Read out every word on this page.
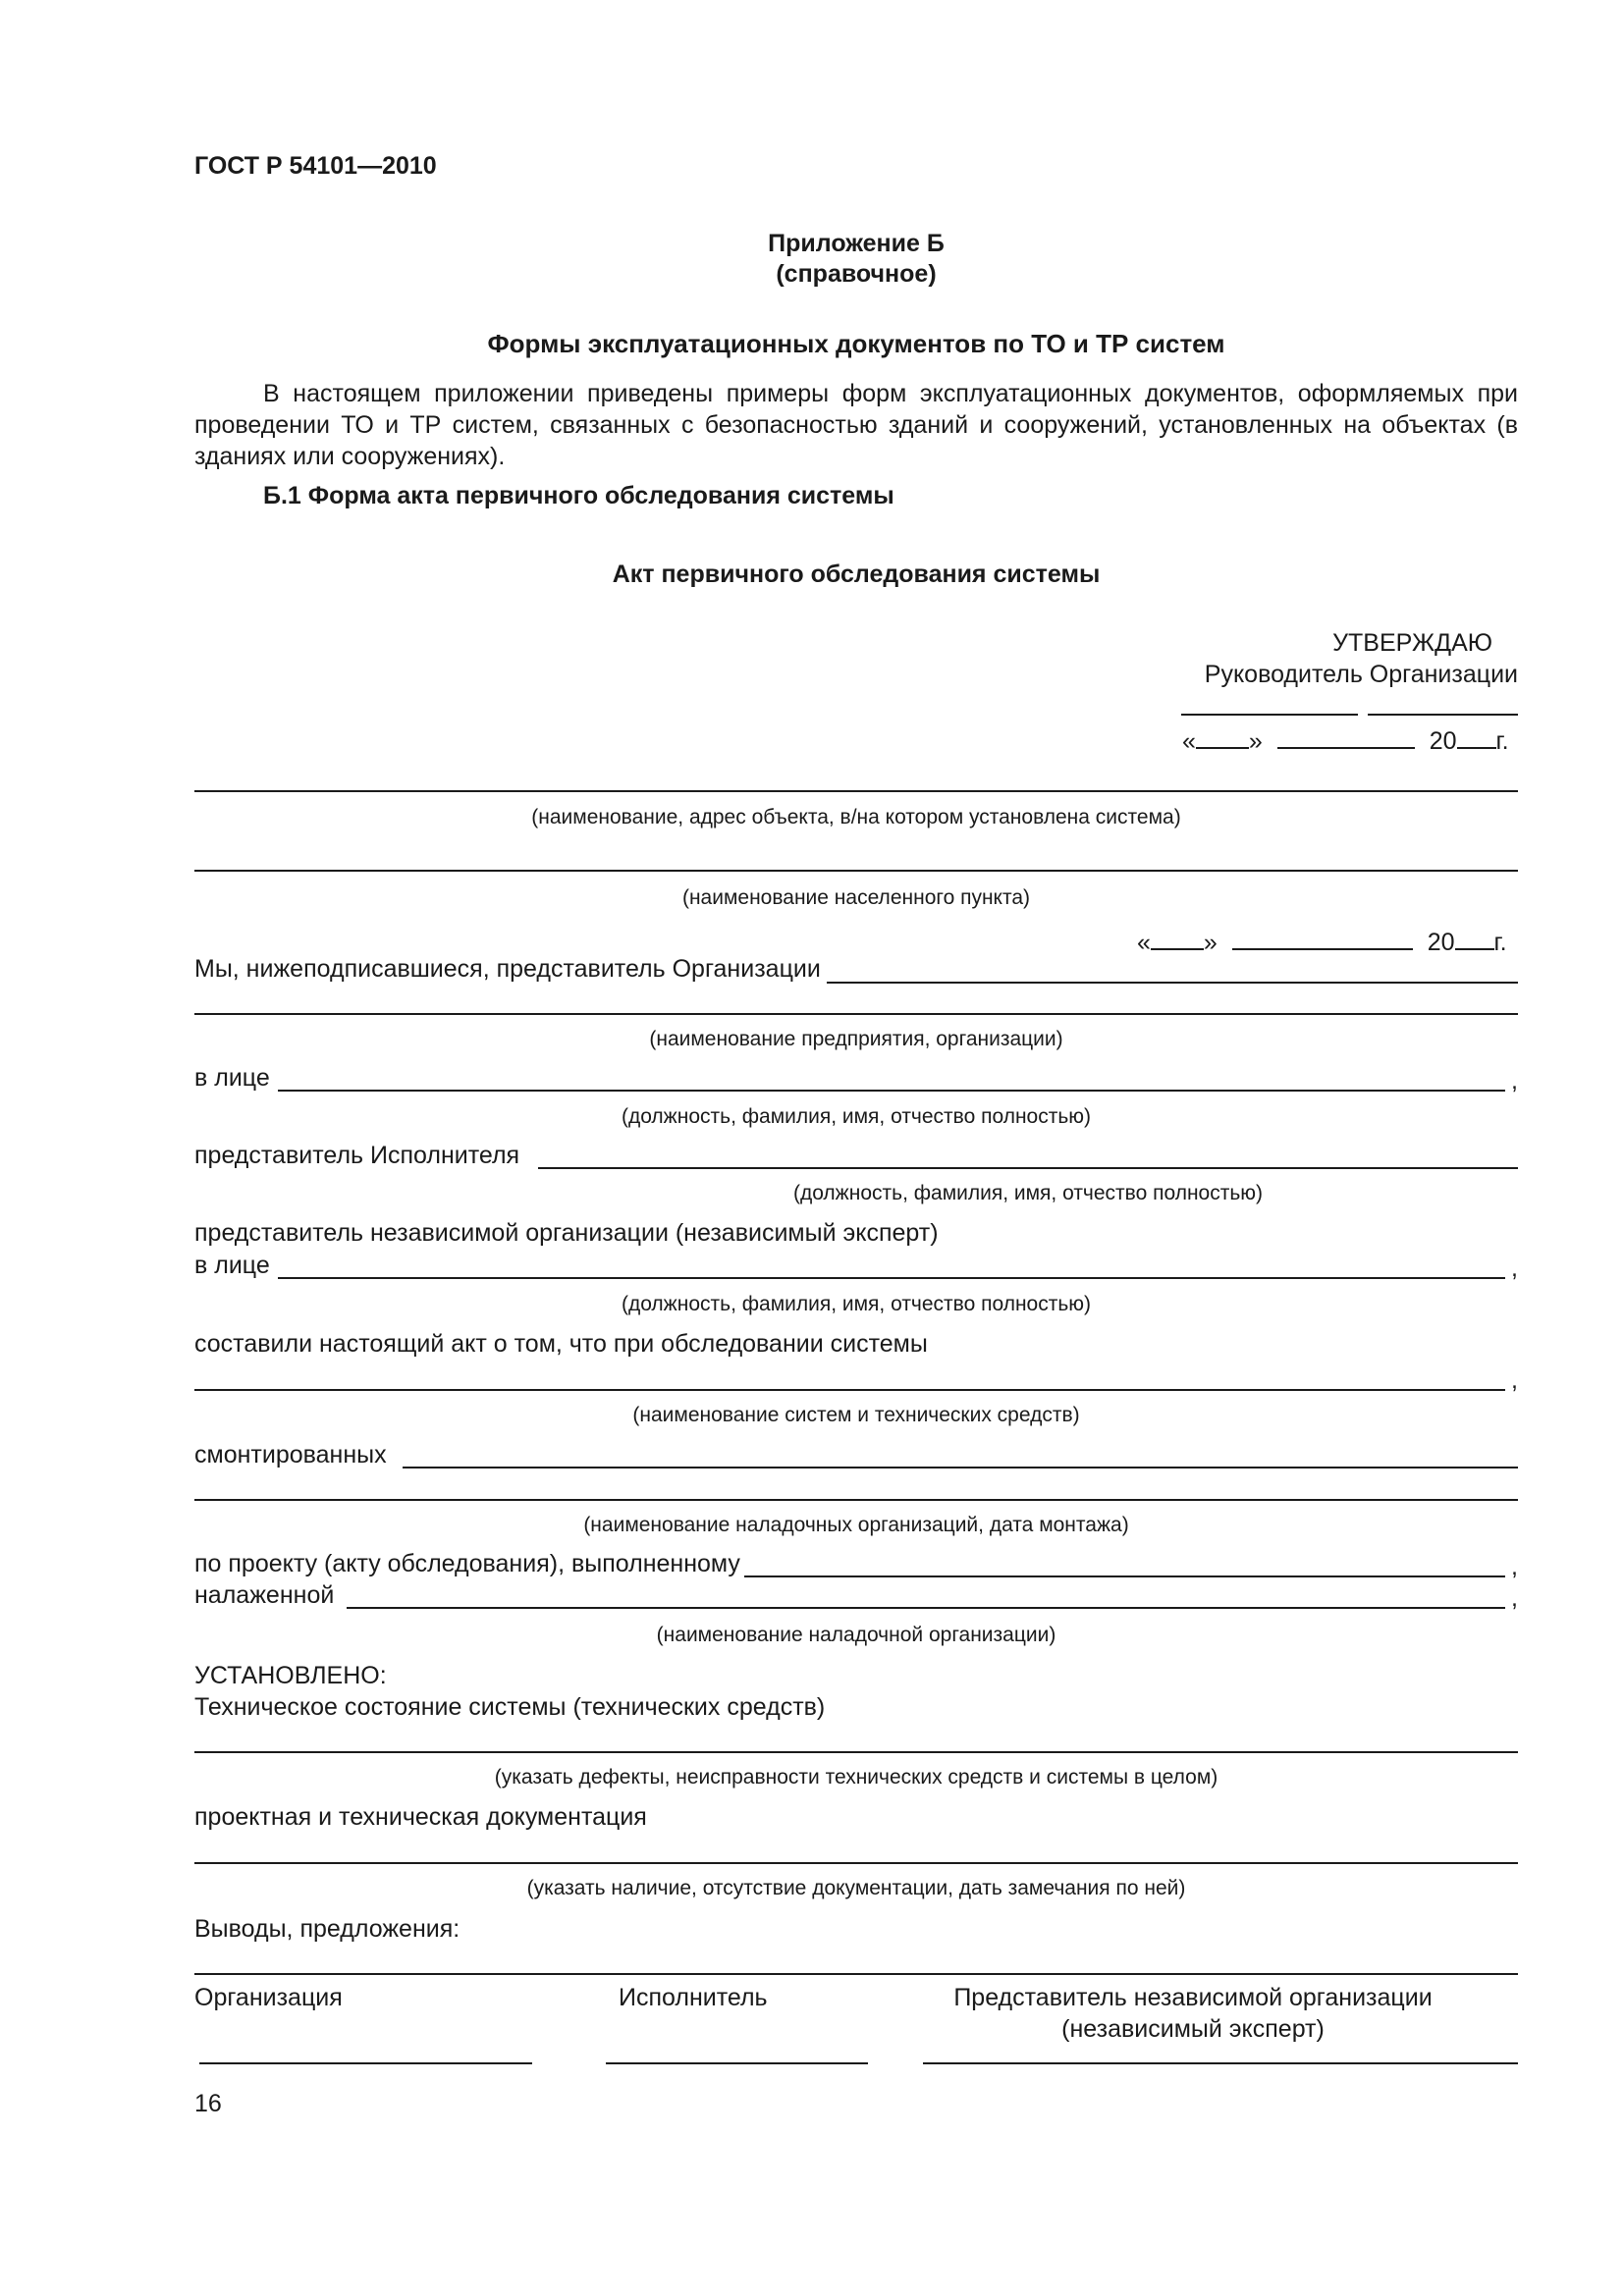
ГОСТ Р 54101—2010
Приложение Б
(справочное)
Формы эксплуатационных документов по ТО и ТР систем
В настоящем приложении приведены примеры форм эксплуатационных документов, оформляемых при проведении ТО и ТР систем, связанных с безопасностью зданий и сооружений, установленных на объектах (в зданиях или сооружениях).
Б.1 Форма акта первичного обследования системы
Акт первичного обследования системы
УТВЕРЖДАЮ
Руководитель Организации
« »	20 г.
(наименование, адрес объекта, в/на котором установлена система)
(наименование населенного пункта)
« »	20 г.
Мы, нижеподписавшиеся, представитель Организации
(наименование предприятия, организации)
в лице	,
(должность, фамилия, имя, отчество полностью)
представитель Исполнителя
(должность, фамилия, имя, отчество полностью)
представитель независимой организации (независимый эксперт)
в лице	,
(должность, фамилия, имя, отчество полностью)
составили настоящий акт о том, что при обследовании системы
,
(наименование систем и технических средств)
смонтированных
(наименование наладочных организаций, дата монтажа)
по проекту (акту обследования), выполненному	,
налаженной	,
(наименование наладочной организации)
УСТАНОВЛЕНО:
Техническое состояние системы (технических средств)
(указать дефекты, неисправности технических средств и системы в целом)
проектная и техническая документация
(указать наличие, отсутствие документации, дать замечания по ней)
Выводы, предложения:
Организация	Исполнитель	Представитель независимой организации
(независимый эксперт)
16
